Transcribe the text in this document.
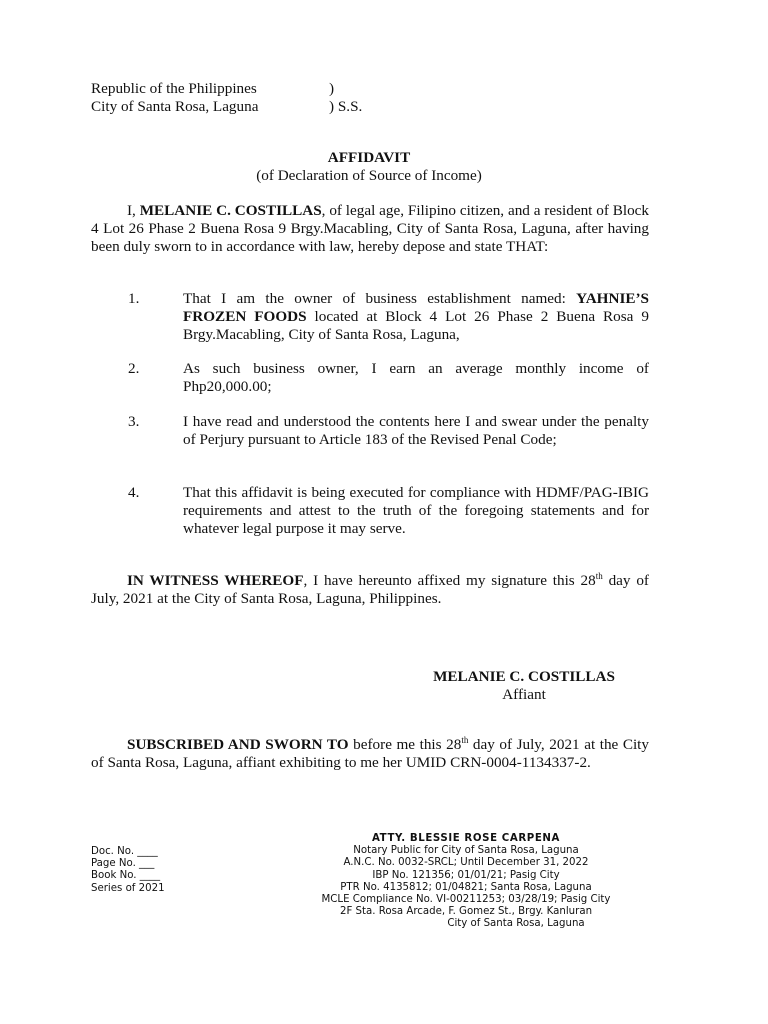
Republic of the Philippines
City of Santa Rosa, Laguna
)
) S.S.
AFFIDAVIT
(of Declaration of Source of Income)
I, MELANIE C. COSTILLAS, of legal age, Filipino citizen, and a resident of Block 4 Lot 26 Phase 2 Buena Rosa 9 Brgy.Macabling, City of Santa Rosa, Laguna, after having been duly sworn to in accordance with law, hereby depose and state THAT:
1.	That I am the owner of business establishment named: YAHNIE’S FROZEN FOODS located at Block 4 Lot 26 Phase 2 Buena Rosa 9 Brgy.Macabling, City of Santa Rosa, Laguna,
2.	As such business owner, I earn an average monthly income of Php20,000.00;
3.	I have read and understood the contents here I and swear under the penalty of Perjury pursuant to Article 183 of the Revised Penal Code;
4.	That this affidavit is being executed for compliance with HDMF/PAG-IBIG requirements and attest to the truth of the foregoing statements and for whatever legal purpose it may serve.
IN WITNESS WHEREOF, I have hereunto affixed my signature this 28th day of July, 2021 at the City of Santa Rosa, Laguna, Philippines.
MELANIE C. COSTILLAS
Affiant
SUBSCRIBED AND SWORN TO before me this 28th day of July, 2021 at the City of Santa Rosa, Laguna, affiant exhibiting to me her UMID CRN-0004-1134337-2.
Doc. No. ____
Page No. ___
Book No. ____
Series of 2021
ATTY. BLESSIE ROSE CARPENA
Notary Public for City of Santa Rosa, Laguna
A.N.C. No. 0032-SRCL; Until December 31, 2022
IBP No. 121356; 01/01/21; Pasig City
PTR No. 4135812; 01/04821; Santa Rosa, Laguna
MCLE Compliance No. VI-00211253; 03/28/19; Pasig City
2F Sta. Rosa Arcade, F. Gomez St., Brgy. Kanluran
City of Santa Rosa, Laguna
